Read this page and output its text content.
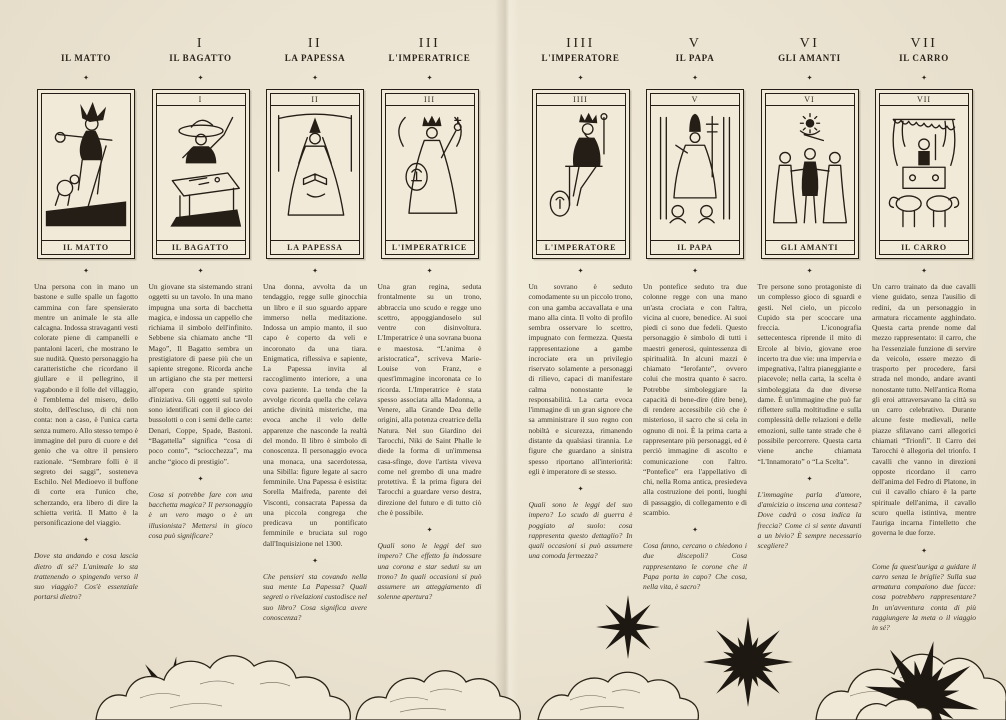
IL MATTO
✦
IL MATTO
✦

Una persona con in mano un bastone e sulle spalle un fagotto cammina con fare spensierato mentre un animale le sta alle calcagna. Indossa stravaganti vesti colorate piene di campanelli e pantaloni laceri, che mostrano le sue nudità. Questo personaggio ha caratteristiche che ricordano il giullare e il pellegrino, il vagabondo e il folle del villaggio, è l'emblema del misero, dello stolto, dell'escluso, di chi non conta: non a caso, è l'unica carta senza numero. Allo stesso tempo è immagine del puro di cuore e del genio che va oltre il pensiero razionale. “Sembrare folli è il segreto dei saggi”, sosteneva Eschilo. Nel Medioevo il buffone di corte era l'unico che, scherzando, era libero di dire la schietta verità. Il Matto è la personificazione del viaggio.

✦

Dove sta andando e cosa lascia dietro di sé? L'animale lo sta trattenendo o spingendo verso il suo viaggio? Cos'è essenziale portarsi dietro?

I
IL BAGATTO
✦
I
IL BAGATTO
✦

Un giovane sta sistemando strani oggetti su un tavolo. In una mano impugna una sorta di bacchetta magica, e indossa un cappello che richiama il simbolo dell'infinito. Sebbene sia chiamato anche “Il Mago”, Il Bagatto sembra un prestigiatore di paese più che un sapiente stregone. Ricorda anche un artigiano che sta per mettersi all'opera con grande spirito d'iniziativa. Gli oggetti sul tavolo sono identificati con il gioco dei bussolotti o con i semi delle carte: Denari, Coppe, Spade, Bastoni. “Bagattella” significa “cosa di poco conto”, “sciocchezza”, ma anche “gioco di prestigio”.

✦

Cosa si potrebbe fare con una bacchetta magica? Il personaggio è un vero mago o è un illusionista? Mettersi in gioco cosa può significare?

II
LA PAPESSA
✦
II
LA PAPESSA
✦

Una donna, avvolta da un tendaggio, regge sulle ginocchia un libro e il suo sguardo appare immerso nella meditazione. Indossa un ampio manto, il suo capo è coperto da veli e incoronato da una tiara. Enigmatica, riflessiva e sapiente, La Papessa invita al raccoglimento interiore, a una cova paziente. La tenda che la avvolge ricorda quella che celava antiche divinità misteriche, ma evoca anche il velo delle apparenze che nasconde la realtà del mondo. Il libro è simbolo di conoscenza. Il personaggio evoca una monaca, una sacerdotessa, una Sibilla: figure legate al sacro femminile. Una Papessa è esistita: Sorella Maifreda, parente dei Visconti, consacrata Papessa da una piccola congrega che predicava un pontificato femminile e bruciata sul rogo dall'Inquisizione nel 1300.

✦

Che pensieri sta covando nella sua mente La Papessa? Quali segreti o rivelazioni custodisce nel suo libro? Cosa significa avere conoscenza?

III
L'IMPERATRICE
✦
III
L'IMPERATRICE
✦

Una gran regina, seduta frontalmente su un trono, abbraccia uno scudo e regge uno scettro, appoggiandoselo sul ventre con disinvoltura. L'Imperatrice è una sovrana buona e maestosa. “L'anima è aristocratica”, scriveva Marie-Louise von Franz, e quest'immagine incoronata ce lo ricorda. L'Imperatrice è stata spesso associata alla Madonna, a Venere, alla Grande Dea delle origini, alla potenza creatrice della Natura. Nel suo Giardino dei Tarocchi, Niki de Saint Phalle le diede la forma di un'immensa casa-sfinge, dove l'artista viveva come nel grembo di una madre protettiva. È la prima figura dei Tarocchi a guardare verso destra, direzione del futuro e di tutto ciò che è possibile.

✦

Quali sono le leggi del suo impero? Che effetto fa indossare una corona e star seduti su un trono? In quali occasioni si può assumere un atteggiamento di solenne apertura?

IIII
L'IMPERATORE
✦
IIII
L'IMPERATORE
✦

Un sovrano è seduto comodamente su un piccolo trono, con una gamba accavallata e una mano alla cinta. Il volto di profilo sembra osservare lo scettro, impugnato con fermezza. Questa rappresentazione a gambe incrociate era un privilegio riservato solamente a personaggi di rilievo, capaci di manifestare calma nonostante le responsabilità. La carta evoca l'immagine di un gran signore che sa amministrare il suo regno con nobiltà e sicurezza, rimanendo distante da qualsiasi tirannia. Le figure che guardano a sinistra spesso riportano all'interiorità: egli è imperatore di se stesso.

✦

Quali sono le leggi del suo impero? Lo scudo di guerra è poggiato al suolo: cosa rappresenta questo dettaglio? In quali occasioni si può assumere una comoda fermezza?

V
IL PAPA
✦
V
IL PAPA
✦

Un pontefice seduto tra due colonne regge con una mano un'asta crociata e con l'altra, vicina al cuore, benedice. Ai suoi piedi ci sono due fedeli. Questo personaggio è simbolo di tutti i maestri generosi, quintessenza di spiritualità. In alcuni mazzi è chiamato “Ierofante”, ovvero colui che mostra quanto è sacro. Potrebbe simboleggiare la capacità di bene-dire (dire bene), di rendere accessibile ciò che è misterioso, il sacro che si cela in ognuno di noi. È la prima carta a rappresentare più personaggi, ed è perciò immagine di ascolto e comunicazione con l'altro. “Pontefice” era l'appellativo di chi, nella Roma antica, presiedeva alla costruzione dei ponti, luoghi di passaggio, di collegamento e di scambio.

✦

Cosa fanno, cercano o chiedono i due discepoli? Cosa rappresentano le corone che il Papa porta in capo? Che cosa, nella vita, è sacro?

VI
GLI AMANTI
✦
VI
GLI AMANTI
✦

Tre persone sono protagoniste di un complesso gioco di sguardi e gesti. Nel cielo, un piccolo Cupido sta per scoccare una freccia. L'iconografia settecentesca riprende il mito di Ercole al bivio, giovane eroe incerto tra due vie: una impervia e impegnativa, l'altra pianeggiante e piacevole; nella carta, la scelta è simboleggiata da due diverse dame. È un'immagine che può far riflettere sulla moltitudine e sulla complessità delle relazioni e delle emozioni, sulle tante strade che è possibile percorrere. Questa carta viene anche chiamata “L'Innamorato” o “La Scelta”.

✦

L'immagine parla d'amore, d'amicizia o inscena una contesa? Dove cadrà o cosa indica la freccia? Come ci si sente davanti a un bivio? È sempre necessario scegliere?

VII
IL CARRO
✦
VII
IL CARRO
✦

Un carro trainato da due cavalli viene guidato, senza l'ausilio di redini, da un personaggio in armatura riccamente agghindato. Questa carta prende nome dal mezzo rappresentato: il carro, che ha l'essenziale funzione di servire da veicolo, essere mezzo di trasporto per procedere, farsi strada nel mondo, andare avanti nonostante tutto. Nell'antica Roma gli eroi attraversavano la città su un carro celebrativo. Durante alcune feste medievali, nelle piazze sfilavano carri allegorici chiamati “Trionfi”. Il Carro dei Tarocchi è allegoria del trionfo. I cavalli che vanno in direzioni opposte ricordano il carro dell'anima del Fedro di Platone, in cui il cavallo chiaro è la parte spirituale dell'anima, il cavallo scuro quella istintiva, mentre l'auriga incarna l'intelletto che governa le due forze.

✦

Come fa quest'auriga a guidare il carro senza le briglie? Sulla sua armatura compaiono due facce: cosa potrebbero rappresentare? In un'avventura conta di più raggiungere la meta o il viaggio in sé?
